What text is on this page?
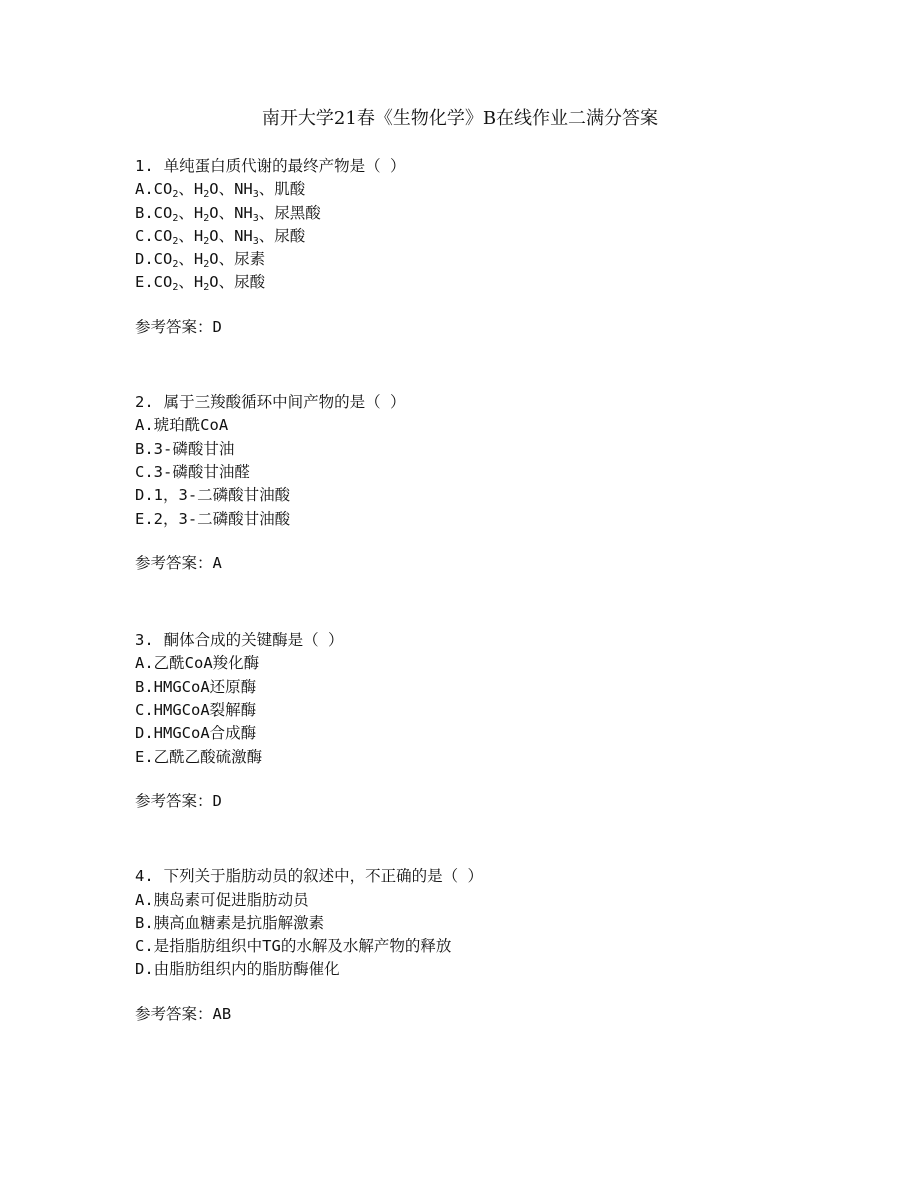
南开大学21春《生物化学》B在线作业二满分答案
1. 单纯蛋白质代谢的最终产物是（ ）
$A.CO_2$、$H_2O$、$NH_3$、肌酸
$B.CO_2$、$H_2O$、$NH_3$、尿黑酸
$C.CO_2$、$H_2O$、$NH_3$、尿酸
$D.CO_2$、$H_2O$、尿素
$E.CO_2$、$H_2O$、尿酸
参考答案：D
2. 属于三羧酸循环中间产物的是（ ）
A.琥珀酰CoA
B.3-磷酸甘油
C.3-磷酸甘油醛
D.1，3-二磷酸甘油酸
E.2，3-二磷酸甘油酸
参考答案：A
3. 酮体合成的关键酶是（ ）
A.乙酰CoA羧化酶
B.HMGCoA还原酶
C.HMGCoA裂解酶
D.HMGCoA合成酶
E.乙酰乙酸硫激酶
参考答案：D
4. 下列关于脂肪动员的叙述中，不正确的是（ ）
A.胰岛素可促进脂肪动员
B.胰高血糖素是抗脂解激素
C.是指脂肪组织中TG的水解及水解产物的释放
D.由脂肪组织内的脂肪酶催化
参考答案：AB
